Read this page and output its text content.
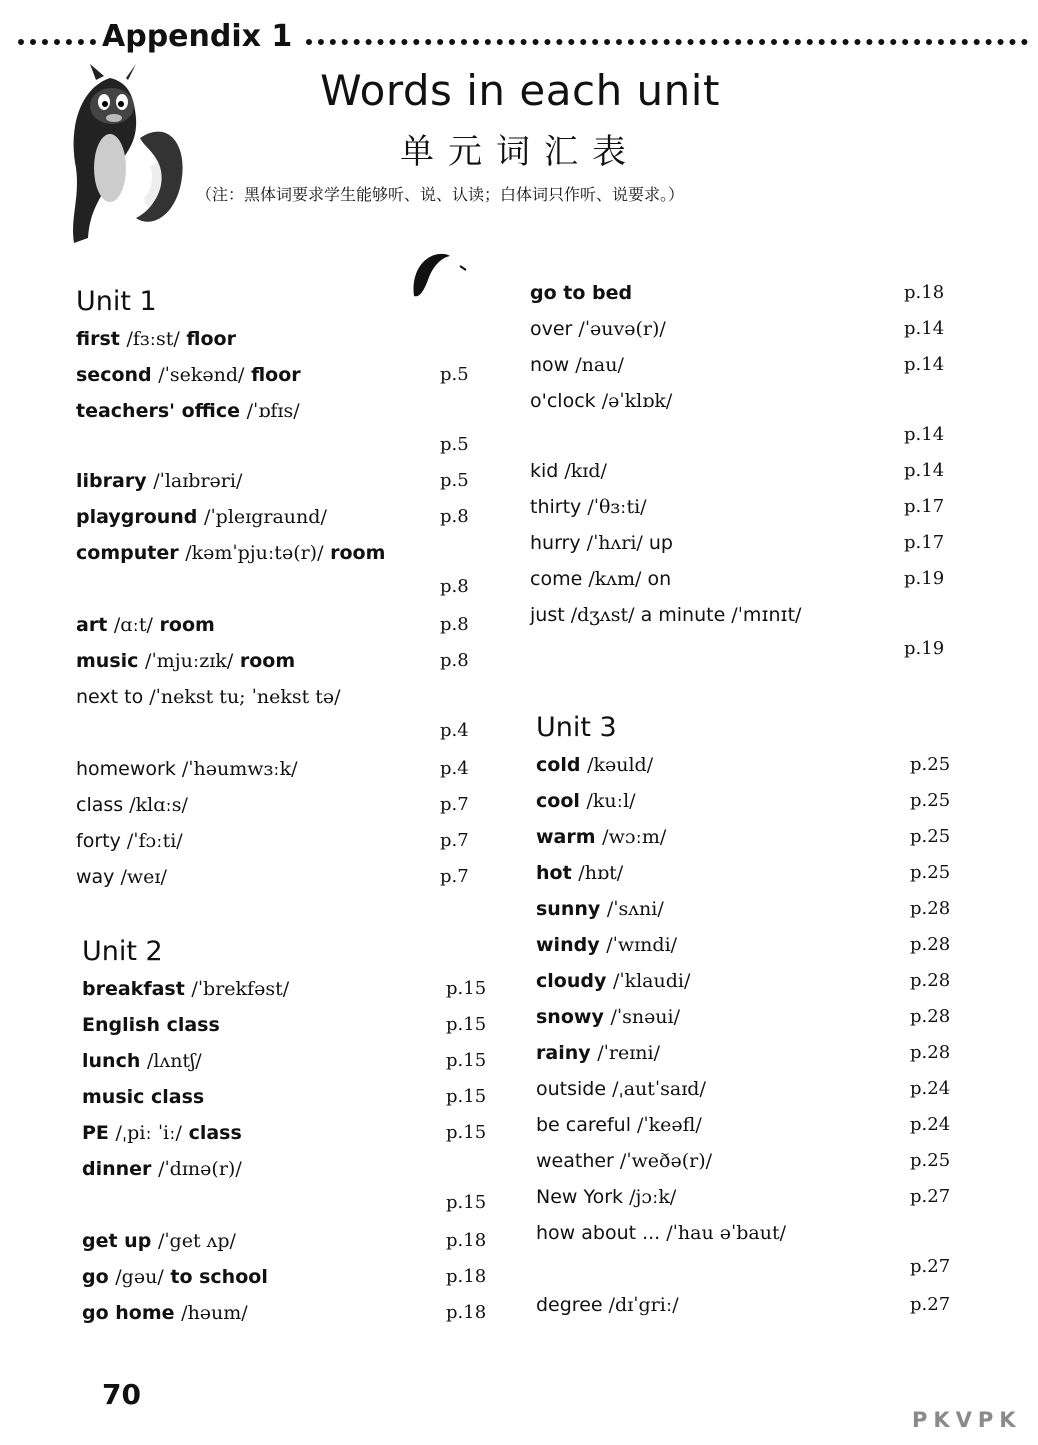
Appendix 1
Words in each unit
单元词汇表
（注：黑体词要求学生能够听、说、认读；白体词只作听、说要求。）
Unit 1
Unit 2
first /fɜːst/ floor
second /ˈsekənd/ floor	p.5
teachers' office /ˈɒfɪs/
p.5
library /ˈlaɪbrəri/	p.5
playground /ˈpleɪgraund/	p.8
computer /kəmˈpjuːtə(r)/ room
p.8
art /ɑːt/ room	p.8
music /ˈmjuːzɪk/ room	p.8
next to /ˈnekst tu; ˈnekst tə/
p.4
homework /ˈhəumwɜːk/	p.4
class /klɑːs/	p.7
forty /ˈfɔːti/	p.7
way /weɪ/	p.7
breakfast /ˈbrekfəst/	p.15
English class	p.15
lunch /lʌntʃ/	p.15
music class	p.15
PE /ˌpiː ˈiː/ class	p.15
dinner /ˈdɪnə(r)/
p.15
get up /ˈget ʌp/	p.18
go /gəu/ to school	p.18
go home /həum/	p.18
Unit 3
go to bed	p.18
over /ˈəuvə(r)/	p.14
now /nau/	p.14
o'clock /əˈklɒk/
p.14
kid /kɪd/	p.14
thirty /ˈθɜːti/	p.17
hurry /ˈhʌri/ up	p.17
come /kʌm/ on	p.19
just /dʒʌst/ a minute /ˈmɪnɪt/
p.19
cold /kəuld/	p.25
cool /kuːl/	p.25
warm /wɔːm/	p.25
hot /hɒt/	p.25
sunny /ˈsʌni/	p.28
windy /ˈwɪndi/	p.28
cloudy /ˈklaudi/	p.28
snowy /ˈsnəui/	p.28
rainy /ˈreɪni/	p.28
outside /ˌautˈsaɪd/	p.24
be careful /ˈkeəfl/	p.24
weather /ˈweðə(r)/	p.25
New York /jɔːk/	p.27
how about ... /ˈhau əˈbaut/
p.27
degree /dɪˈgriː/	p.27
70
PKVPK
